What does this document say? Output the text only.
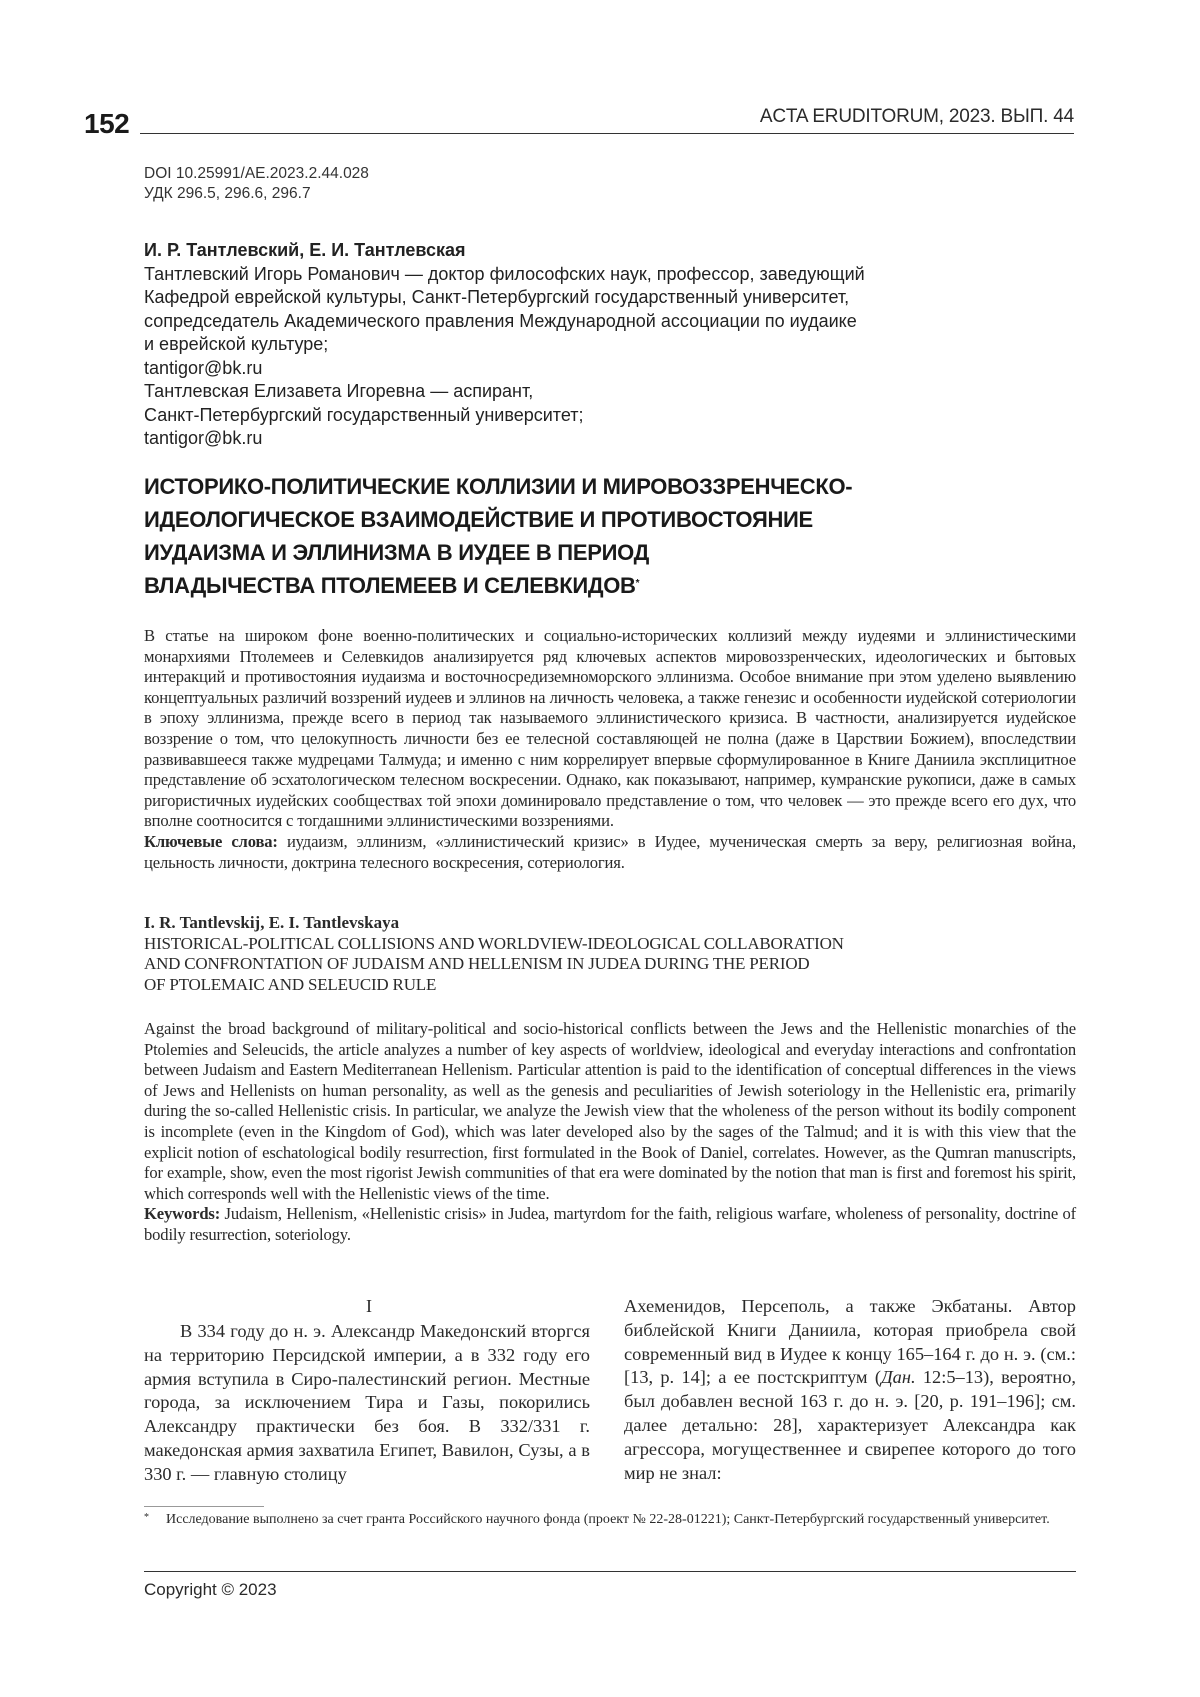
152	ACTA ERUDITORUM, 2023. ВЫП. 44
DOI 10.25991/AE.2023.2.44.028
УДК 296.5, 296.6, 296.7
И. Р. Тантлевский, Е. И. Тантлевская
Тантлевский Игорь Романович — доктор философских наук, профессор, заведующий
Кафедрой еврейской культуры, Санкт-Петербургский государственный университет,
сопредседатель Академического правления Международной ассоциации по иудаике
и еврейской культуре;
tantigor@bk.ru
Тантлевская Елизавета Игоревна — аспирант,
Санкт-Петербургский государственный университет;
tantigor@bk.ru
ИСТОРИКО-ПОЛИТИЧЕСКИЕ КОЛЛИЗИИ И МИРОВОЗЗРЕНЧЕСКО-
ИДЕОЛОГИЧЕСКОЕ ВЗАИМОДЕЙСТВИЕ И ПРОТИВОСТОЯНИЕ
ИУДАИЗМА И ЭЛЛИНИЗМА В ИУДЕЕ В ПЕРИОД
ВЛАДЫЧЕСТВА ПТОЛЕМЕЕВ И СЕЛЕВКИДОВ*
В статье на широком фоне военно-политических и социально-исторических коллизий между иудеями и эллинистическими монархиями Птолемеев и Селевкидов анализируется ряд ключевых аспектов мировоззренческих, идеологических и бытовых интеракций и противостояния иудаизма и восточносредиземноморского эллинизма. Особое внимание при этом уделено выявлению концептуальных различий воззрений иудеев и эллинов на личность человека, а также генезис и особенности иудейской сотериологии в эпоху эллинизма, прежде всего в период так называемого эллинистического кризиса. В частности, анализируется иудейское воззрение о том, что целокупность личности без ее телесной составляющей не полна (даже в Царствии Божием), впоследствии развивавшееся также мудрецами Талмуда; и именно с ним коррелирует впервые сформулированное в Книге Даниила эксплицитное представление об эсхатологическом телесном воскресении. Однако, как показывают, например, кумранские рукописи, даже в самых ригористичных иудейских сообществах той эпохи доминировало представление о том, что человек — это прежде всего его дух, что вполне соотносится с тогдашними эллинистическими воззрениями.
Ключевые слова: иудаизм, эллинизм, «эллинистический кризис» в Иудее, мученическая смерть за веру, религиозная война, цельность личности, доктрина телесного воскресения, сотериология.
I. R. Tantlevskij, E. I. Tantlevskaya
HISTORICAL-POLITICAL COLLISIONS AND WORLDVIEW-IDEOLOGICAL COLLABORATION
AND CONFRONTATION OF JUDAISM AND HELLENISM IN JUDEA DURING THE PERIOD
OF PTOLEMAIC AND SELEUCID RULE
Against the broad background of military-political and socio-historical conflicts between the Jews and the Hellenistic monarchies of the Ptolemies and Seleucids, the article analyzes a number of key aspects of worldview, ideological and everyday interactions and confrontation between Judaism and Eastern Mediterranean Hellenism. Particular attention is paid to the identification of conceptual differences in the views of Jews and Hellenists on human personality, as well as the genesis and peculiarities of Jewish soteriology in the Hellenistic era, primarily during the so-called Hellenistic crisis. In particular, we analyze the Jewish view that the wholeness of the person without its bodily component is incomplete (even in the Kingdom of God), which was later developed also by the sages of the Talmud; and it is with this view that the explicit notion of eschatological bodily resurrection, first formulated in the Book of Daniel, correlates. However, as the Qumran manuscripts, for example, show, even the most rigorist Jewish communities of that era were dominated by the notion that man is first and foremost his spirit, which corresponds well with the Hellenistic views of the time.
Keywords: Judaism, Hellenism, «Hellenistic crisis» in Judea, martyrdom for the faith, religious warfare, wholeness of personality, doctrine of bodily resurrection, soteriology.
I

В 334 году до н. э. Александр Македонский вторгся на территорию Персидской империи, а в 332 году его армия вступила в Сиро-палестинский регион. Местные города, за исключением Тира и Газы, покорились Александру практически без боя. В 332/331 г. македонская армия захватила Египет, Вавилон, Сузы, а в 330 г. — главную столицу

Ахеменидов, Персеполь, а также Экбатаны. Автор библейской Книги Даниила, которая приобрела свой современный вид в Иудее к концу 165–164 г. до н. э. (см.: [13, p. 14]; а ее постскриптум (Дан. 12:5–13), вероятно, был добавлен весной 163 г. до н. э. [20, p. 191–196]; см. далее детально: 28], характеризует Александра как агрессора, могущественнее и свирепее которого до того мир не знал:

* Исследование выполнено за счет гранта Российского научного фонда (проект № 22-28-01221); Санкт-Петербургский государственный университет.
Copyright © 2023
